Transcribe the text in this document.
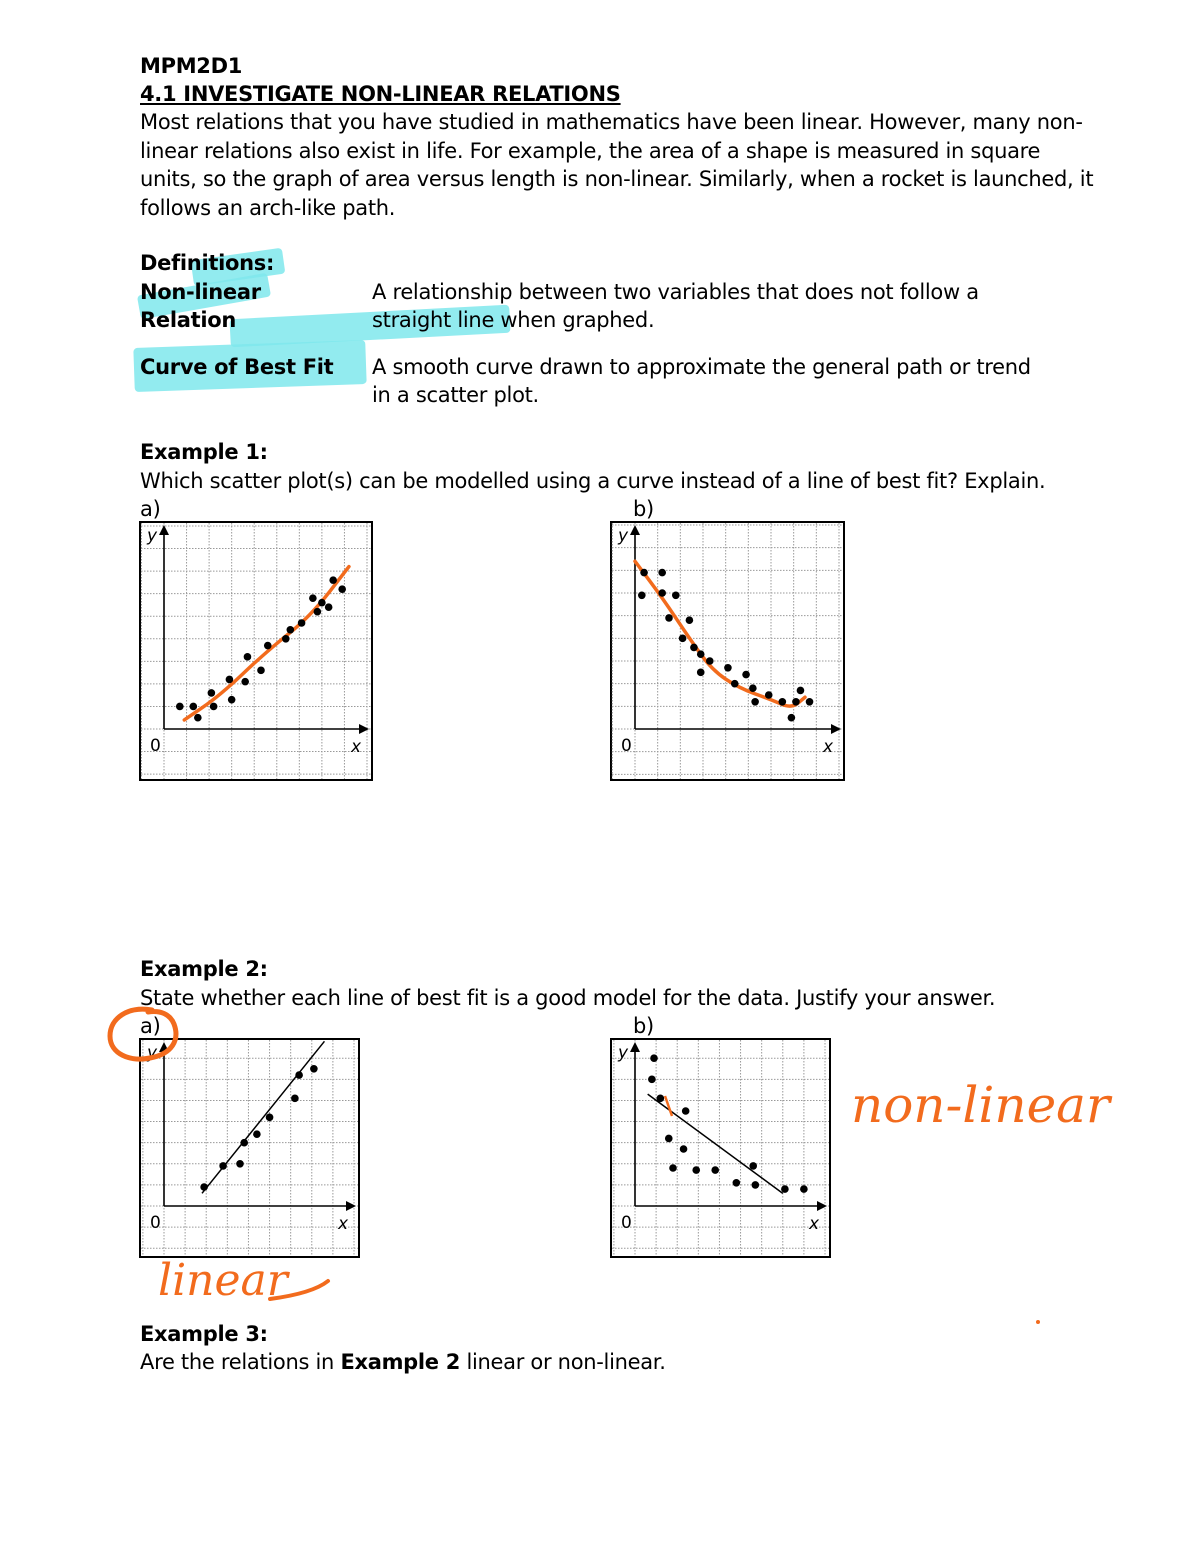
MPM2D1
4.1 INVESTIGATE NON-LINEAR RELATIONS
Most relations that you have studied in mathematics have been linear. However, many non-linear relations also exist in life. For example, the area of a shape is measured in square units, so the graph of area versus length is non-linear. Similarly, when a rocket is launched, it follows an arch-like path.
Definitions:
Non-linear
Relation
A relationship between two variables that does not follow a
straight line when graphed.
Curve of Best Fit A smooth curve drawn to approximate the general path or trend
in a scatter plot.
Example 1:
Which scatter plot(s) can be modelled using a curve instead of a line of best fit? Explain.
a)	b)
y
x
0
y
x
0
Example 2:
State whether each line of best fit is a good model for the data. Justify your answer.
a)	b)
y
x
0
y
x
0
linear
non-linear
Example 3:
Are the relations in Example 2 linear or non-linear.
